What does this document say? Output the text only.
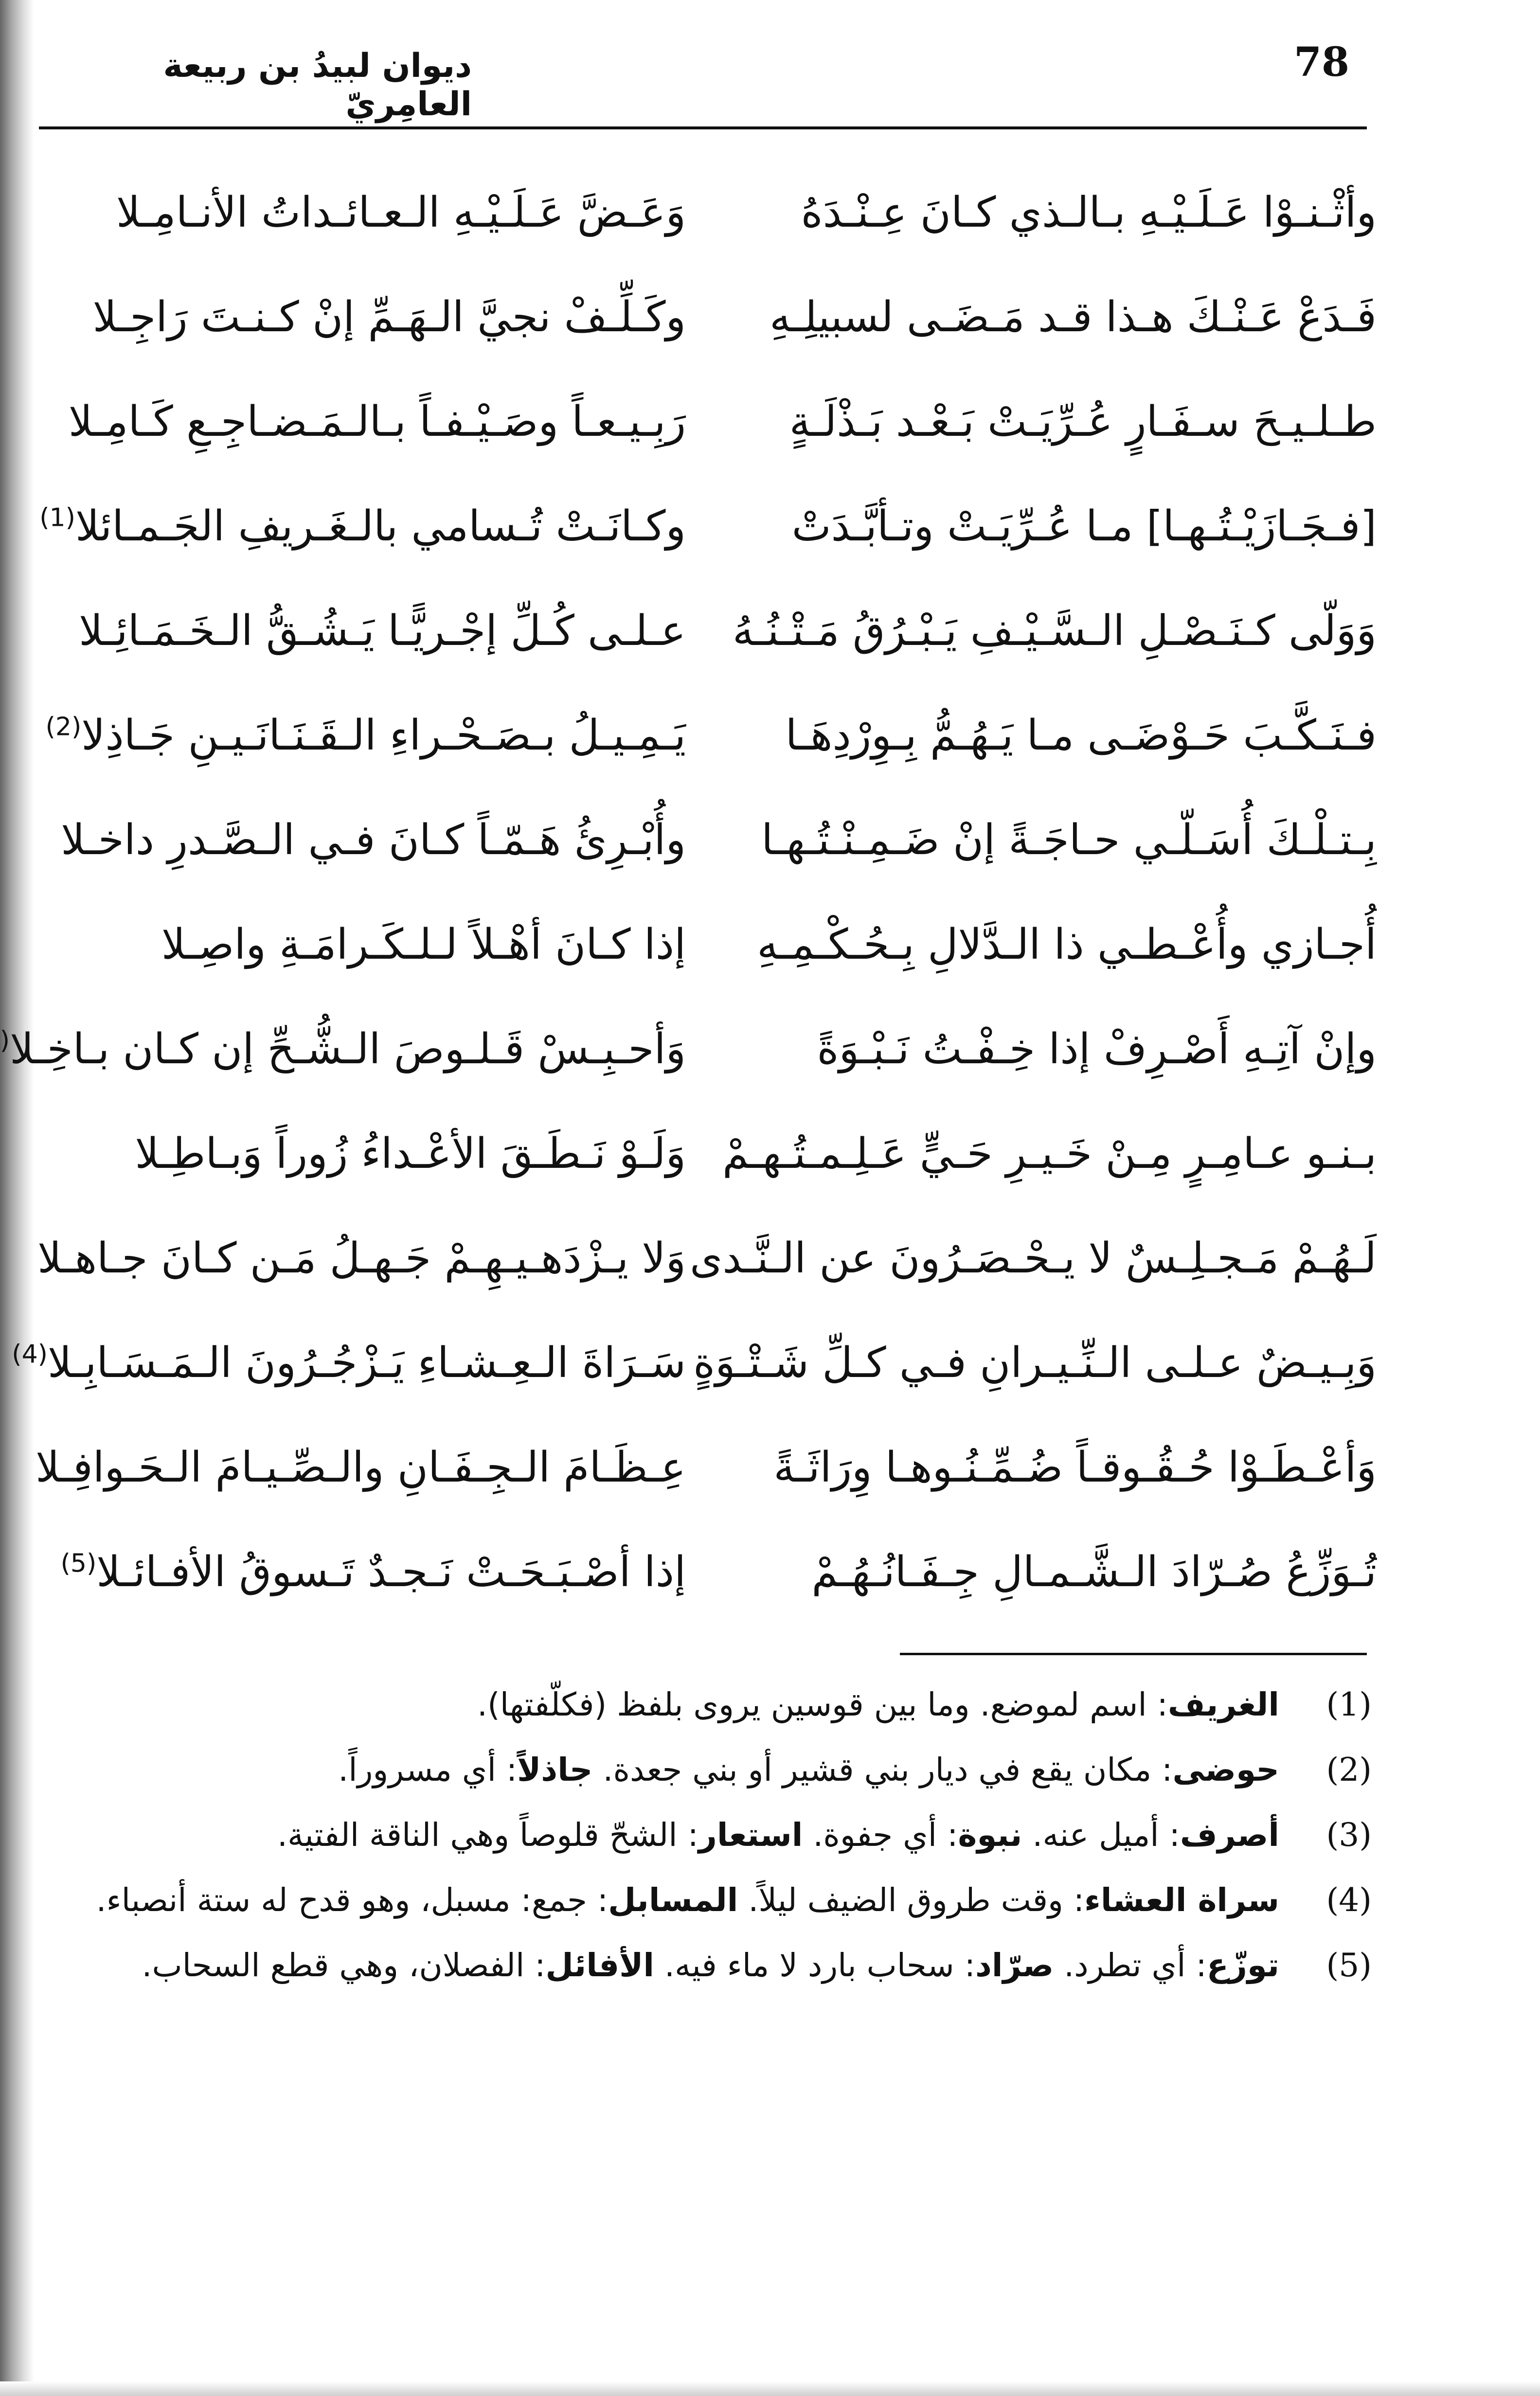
78
ديوان لبيدُ بن ربيعة العامِريّ
وأثْـنـوْا عَـلَـيْـهِ بـالـذي كـانَ عِـنْـدَهُ
وَعَـضَّ عَـلَـيْـهِ الـعـائـداتُ الأنـامِـلا
فَـدَعْ عَـنْـكَ هـذا قـد مَـضَـى لسبيلِـهِ
وكَـلِّـفْ نجيَّ الـهَـمِّ إنْ كـنـتَ رَاجِـلا
طـلـيـحَ سـفَـارٍ عُـرِّيَـتْ بَـعْـد بَـذْلَـةٍ
رَبِـيـعـاً وصَـيْـفـاً بـالـمَـضـاجِـعِ كَـامِـلا
[فـجَـازَيْـتُـهـا] مـا عُـرِّيَـتْ وتـأبَّـدَتْ
وكـانَـتْ تُـسامي بالـغَـريفِ الجَـمـائلا$^{(1)}$
وَوَلّى كـنَـصْـلِ الـسَّـيْـفِ يَـبْـرُقُ مَـتْـنُـهُ
عـلـى كُـلِّ إجْـريًّـا يَـشُـقُّ الـخَـمَـائِـلا
فـنَـكَّـبَ حَـوْضَـى مـا يَـهُـمُّ بِـوِرْدِهَـا
يَـمِـيـلُ بـصَـحْـراءِ الـقَـنَـانَـيـنِ جَـاذِلا$^{(2)}$
بِـتـلْـكَ أُسَـلّـي حـاجَـةً إنْ ضَـمِـنْـتُـهـا
وأُبْـرِئُ هَـمّـاً كـانَ فـي الـصَّـدرِ داخـلا
أُجـازي وأُعْـطـي ذا الـدَّلالِ بِـحُـكْـمِـهِ
إذا كـانَ أهْـلاً لـلـكَـرامَـةِ واصِـلا
وإنْ آتِـهِ أَصْـرِفْ إذا خِـفْـتُ نَـبْـوَةً
وَأحـبِـسْ قَـلـوصَ الـشُّـحِّ إن كـان بـاخِـلا(
بـنـو عـامِـرٍ مِـنْ خَـيـرِ حَـيٍّ عَـلِـمـتُـهـمْ
وَلَـوْ نَـطَـقَ الأعْـداءُ زُوراً وَبـاطِـلا
لَـهُـمْ مَـجـلِـسٌ لا يـحْـصَـرُونَ عن الـنَّـدى
وَلا يـزْدَهـيـهِـمْ جَـهـلُ مَـن كـانَ جـاهـلا
وَبِـيـضٌ عـلـى الـنِّـيـرانِ فـي كـلِّ شَـتْـوَةٍ
سَـرَاةَ الـعِـشـاءِ يَـزْجُـرُونَ الـمَـسَـابِـلا$^{(4)}$
وَأعْـطَـوْا حُـقُـوقـاً ضُـمِّـنُـوهـا وِرَاثَـةً
عِـظَـامَ الـجِـفَـانِ والـصِّـيـامَ الـحَـوافِـلا
تُـوَزِّعُ صُـرّادَ الـشَّـمـالِ جِـفَـانُـهُـمْ
إذا أصْـبَـحَـتْ نَـجـدٌ تَـسوقُ الأفـائـلا$^{(5)}$
(1)
الغريف: اسم لموضع. وما بين قوسين يروى بلفظ (فكلّفتها).
(2)
حوضى: مكان يقع في ديار بني قشير أو بني جعدة. جاذلاً: أي مسروراً.
(3)
أصرف: أميل عنه. نبوة: أي جفوة. استعار: الشحّ قلوصاً وهي الناقة الفتية.
(4)
سراة العشاء: وقت طروق الضيف ليلاً. المسابل: جمع: مسبل، وهو قدح له ستة أنصباء.
(5)
توزّع: أي تطرد. صرّاد: سحاب بارد لا ماء فيه. الأفائل: الفصلان، وهي قطع السحاب.
